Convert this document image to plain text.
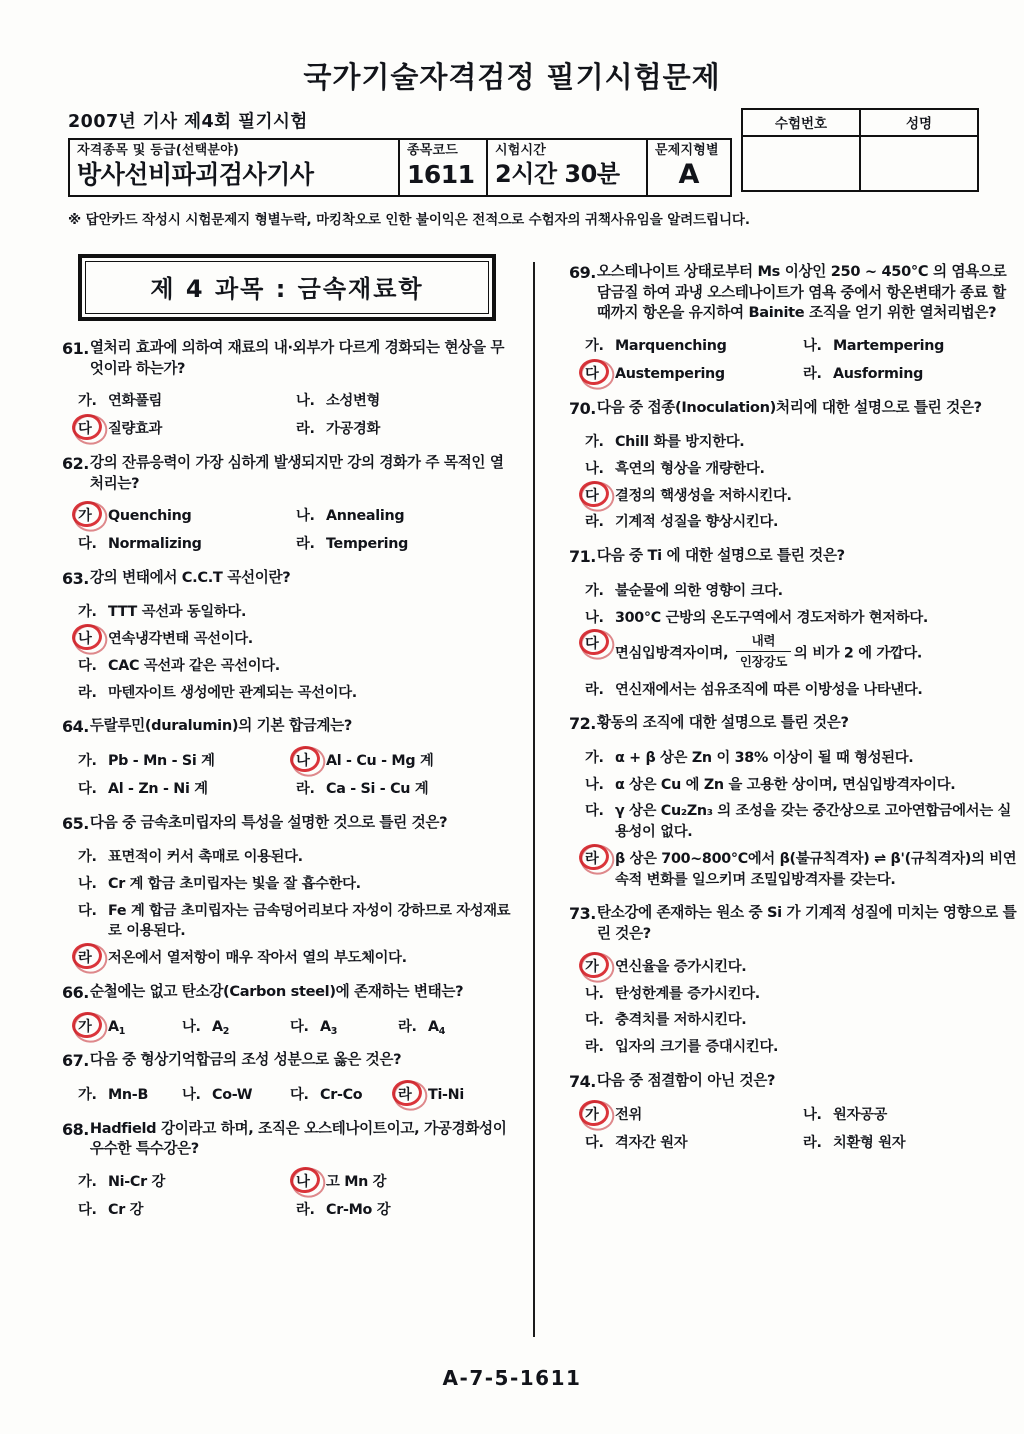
국가기술자격검정 필기시험문제
2007년 기사 제4회 필기시험	수험번호	성명

자격종목 및 등급(선택분야)
방사선비파괴검사기사

종목코드
1611

시험시간
2시간 30분

문제지형별
A

※ 답안카드 작성시 시험문제지 형별누락, 마킹착오로 인한 불이익은 전적으로 수험자의 귀책사유임을 알려드립니다.
제 4 과목 : 금속재료학
61. 열처리 효과에 의하여 재료의 내·외부가 다르게 경화되는 현상을 무엇이라 하는가?
가 .	연화풀림	나 .	소성변형
다	질량효과	라 .	가공경화
62. 강의 잔류응력이 가장 심하게 발생되지만 강의 경화가 주 목적인 열처리는?
가	Quenching	나 .	Annealing
다 .	Normalizing	라 .	Tempering
63. 강의 변태에서 C.C.T 곡선이란?
가 .	TTT 곡선과 동일하다.
나	연속냉각변태 곡선이다.
다 .	CAC 곡선과 같은 곡선이다.
라 .	마텐자이트 생성에만 관계되는 곡선이다.
64. 두랄루민(duralumin)의 기본 합금계는?
가 .	Pb - Mn - Si 계	나	Al - Cu - Mg 계
다 .	Al - Zn - Ni 계	라 .	Ca - Si - Cu 계
65. 다음 중 금속초미립자의 특성을 설명한 것으로 틀린 것은?
가 .	표면적이 커서 촉매로 이용된다.
나 .	Cr 계 합금 초미립자는 빛을 잘 흡수한다.
다 .	Fe 계 합금 초미립자는 금속덩어리보다 자성이 강하므로 자성재료로 이용된다.
라	저온에서 열저항이 매우 작아서 열의 부도체이다.
66. 순철에는 없고 탄소강(Carbon steel)에 존재하는 변태는?
가	$A_1$	나 .	$A_2$	다 .	$A_3$	라 .	$A_4$
67. 다음 중 형상기억합금의 조성 성분으로 옳은 것은?
가 .	Mn-B	나 .	Co-W	다 .	Cr-Co	라	Ti-Ni
68. Hadfield 강이라고 하며, 조직은 오스테나이트이고, 가공경화성이 우수한 특수강은?
가 .	Ni-Cr 강	나	고 Mn 강
다 .	Cr 강	라 .	Cr-Mo 강
69. 오스테나이트 상태로부터 Ms 이상인 250 ~ 450℃ 의 염욕으로 담금질 하여 과냉 오스테나이트가 염욕 중에서 항온변태가 종료 할 때까지 항온을 유지하여 Bainite 조직을 얻기 위한 열처리법은?
가 .	Marquenching	나 .	Martempering
다	Austempering	라 .	Ausforming
70. 다음 중 접종(Inoculation)처리에 대한 설명으로 틀린 것은?
가 .	Chill 화를 방지한다.
나 .	흑연의 형상을 개량한다.
다	결정의 핵생성을 저하시킨다.
라 .	기계적 성질을 향상시킨다.
71. 다음 중 Ti 에 대한 설명으로 틀린 것은?
가 .	불순물에 의한 영향이 크다.
나 .	300℃ 근방의 온도구역에서 경도저하가 현저하다.
다
면심입방격자이며, $\frac{\text{내력}}{\text{인장강도}}$ 의 비가 2 에 가깝다.
라 .	연신재에서는 섬유조직에 따른 이방성을 나타낸다.
72. 황동의 조직에 대한 설명으로 틀린 것은?
가 .	α + β 상은 Zn 이 38% 이상이 될 때 형성된다.
나 .	α 상은 Cu 에 Zn 을 고용한 상이며, 면심입방격자이다.
다 .	γ 상은 Cu₂Zn₃ 의 조성을 갖는 중간상으로 고아연합금에서는 실용성이 없다.
라	β 상은 700~800℃에서 β(불규칙격자) ⇌ β'(규칙격자)의 비연속적 변화를 일으키며 조밀입방격자를 갖는다.
73. 탄소강에 존재하는 원소 중 Si 가 기계적 성질에 미치는 영향으로 틀린 것은?
가	연신율을 증가시킨다.
나 .	탄성한계를 증가시킨다.
다 .	충격치를 저하시킨다.
라 .	입자의 크기를 증대시킨다.
74. 다음 중 점결함이 아닌 것은?
가	전위	나 .	원자공공
다 .	격자간 원자	라 .	치환형 원자
A-7-5-1611
